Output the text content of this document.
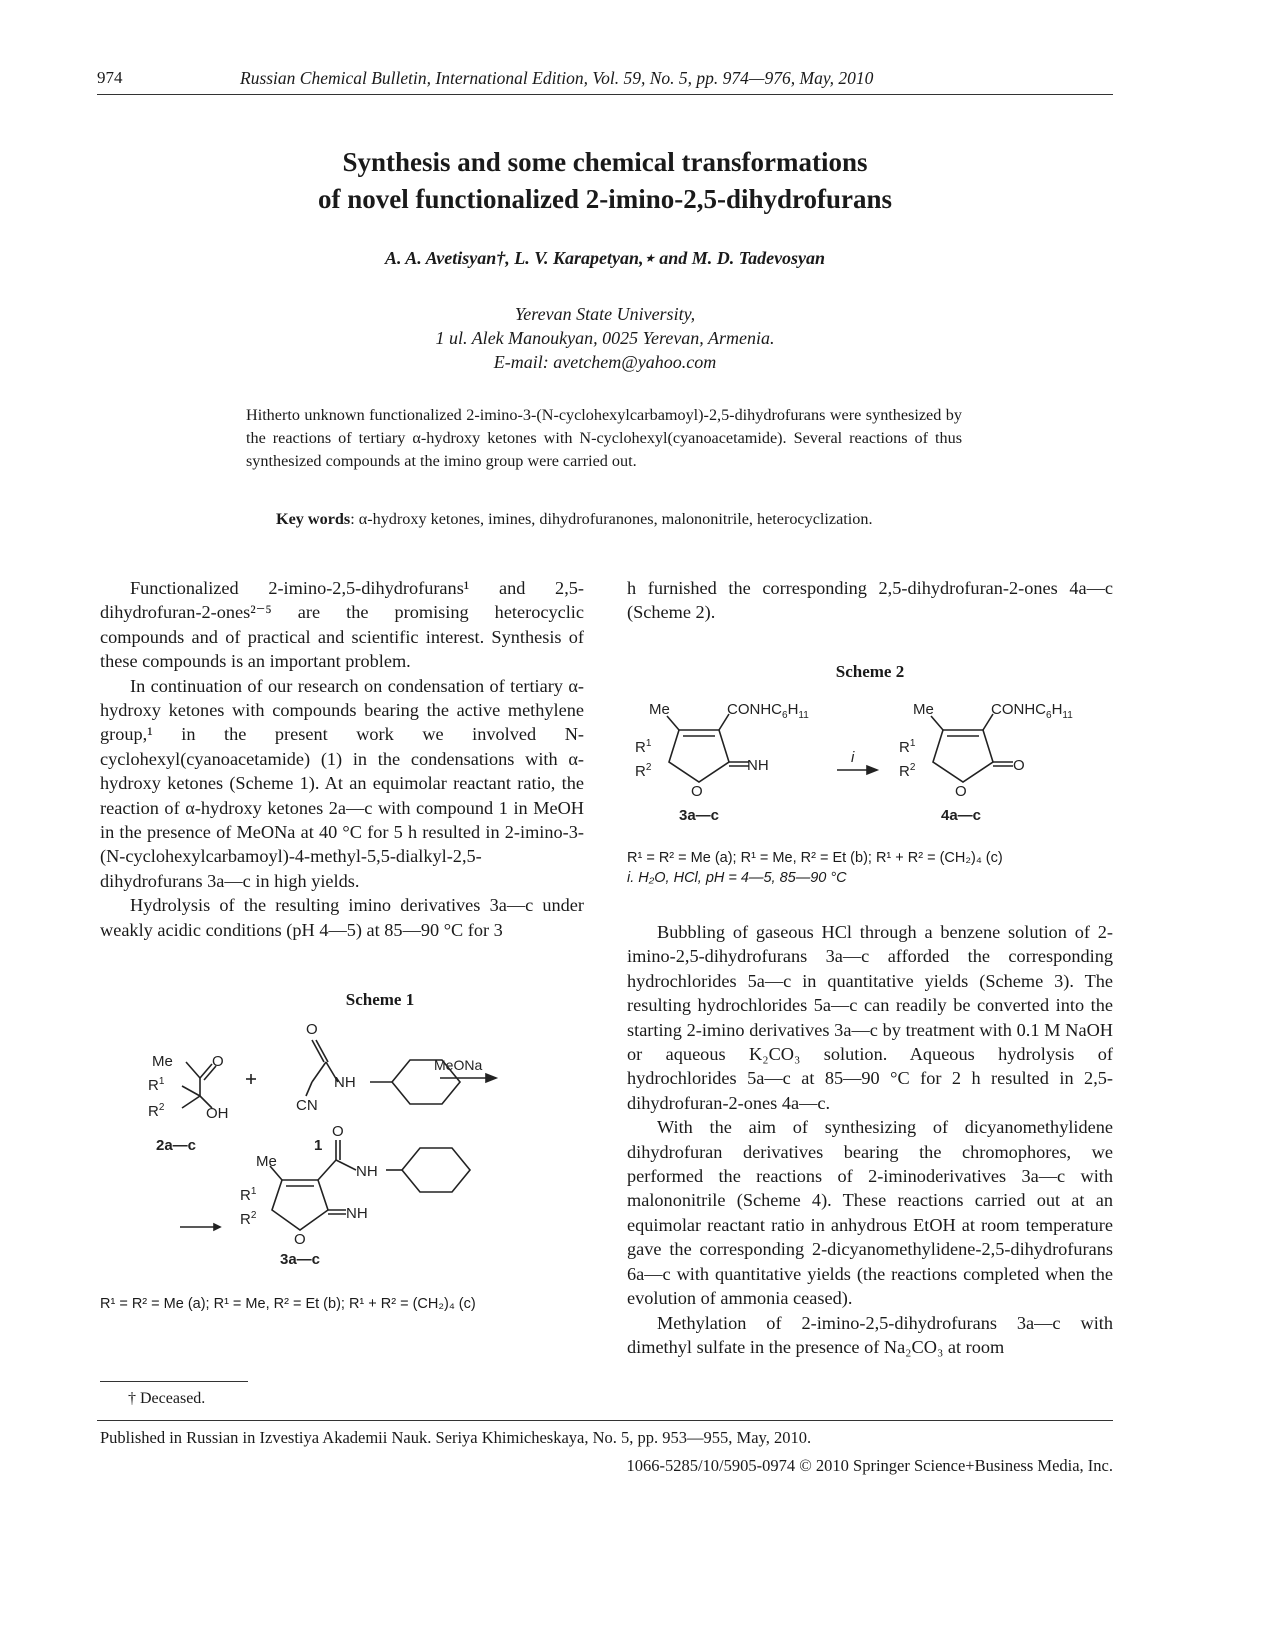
974	Russian Chemical Bulletin, International Edition, Vol. 59, No. 5, pp. 974—976, May, 2010
Synthesis and some chemical transformations
of novel functionalized 2-imino-2,5-dihydrofurans
A. A. Avetisyan†, L. V. Karapetyan,⋆ and M. D. Tadevosyan
Yerevan State University,
1 ul. Alek Manoukyan, 0025 Yerevan, Armenia.
E-mail: avetchem@yahoo.com
Hitherto unknown functionalized 2-imino-3-(N-cyclohexylcarbamoyl)-2,5-dihydrofurans were synthesized by the reactions of tertiary α-hydroxy ketones with N-cyclohexyl(cyanoacetamide). Several reactions of thus synthesized compounds at the imino group were carried out.
Key words: α-hydroxy ketones, imines, dihydrofuranones, malononitrile, heterocyclization.

Functionalized 2-imino-2,5-dihydrofurans¹ and 2,5-dihydrofuran-2-ones²⁻⁵ are the promising heterocyclic compounds and of practical and scientific interest. Synthesis of these compounds is an important problem.

In continuation of our research on condensation of tertiary α-hydroxy ketones with compounds bearing the active methylene group,¹ in the present work we involved N-cyclohexyl(cyanoacetamide) (1) in the condensations with α-hydroxy ketones (Scheme 1). At an equimolar reactant ratio, the reaction of α-hydroxy ketones 2a—c with compound 1 in MeOH in the presence of MeONa at 40 °C for 5 h resulted in 2-imino-3-(N-cyclohexylcarbamoyl)-4-methyl-5,5-dialkyl-2,5-dihydrofurans 3a—c in high yields.

Hydrolysis of the resulting imino derivatives 3a—c under weakly acidic conditions (pH 4—5) at 85—90 °C for 3

Scheme 1
Me	O
$R^1$
$R^2$	OH
O
NH
CN
MeONa
2a—c	1
Me
$R^1$
$R^2$
O
NH
O
NH
3a—c
R¹ = R² = Me (a); R¹ = Me, R² = Et (b); R¹ + R² = (CH₂)₄ (c)
† Deceased.

h furnished the corresponding 2,5-dihydrofuran-2-ones 4a—c (Scheme 2).

Scheme 2
Me	$CONHC_6H_{11}$
$R^1$
$R^2$
O
NH	i
Me	$CONHC_6H_{11}$
$R^1$
$R^2$
O
O
3a—c	4a—c
R¹ = R² = Me (a); R¹ = Me, R² = Et (b); R¹ + R² = (CH₂)₄ (c)
i. H₂O, HCl, pH = 4—5, 85—90 °C

Bubbling of gaseous HCl through a benzene solution of 2-imino-2,5-dihydrofurans 3a—c afforded the corresponding hydrochlorides 5a—c in quantitative yields (Scheme 3). The resulting hydrochlorides 5a—c can readily be converted into the starting 2-imino derivatives 3a—c by treatment with 0.1 M NaOH or aqueous K₂CO₃ solution. Aqueous hydrolysis of hydrochlorides 5a—c at 85—90 °C for 2 h resulted in 2,5-dihydrofuran-2-ones 4a—c.

With the aim of synthesizing of dicyanomethylidene dihydrofuran derivatives bearing the chromophores, we performed the reactions of 2-iminoderivatives 3a—c with malononitrile (Scheme 4). These reactions carried out at an equimolar reactant ratio in anhydrous EtOH at room temperature gave the corresponding 2-dicyanomethylidene-2,5-dihydrofurans 6a—c with quantitative yields (the reactions completed when the evolution of ammonia ceased).

Methylation of 2-imino-2,5-dihydrofurans 3a—c with dimethyl sulfate in the presence of Na₂CO₃ at room

Published in Russian in Izvestiya Akademii Nauk. Seriya Khimicheskaya, No. 5, pp. 953—955, May, 2010.
1066-5285/10/5905-0974 © 2010 Springer Science+Business Media, Inc.
